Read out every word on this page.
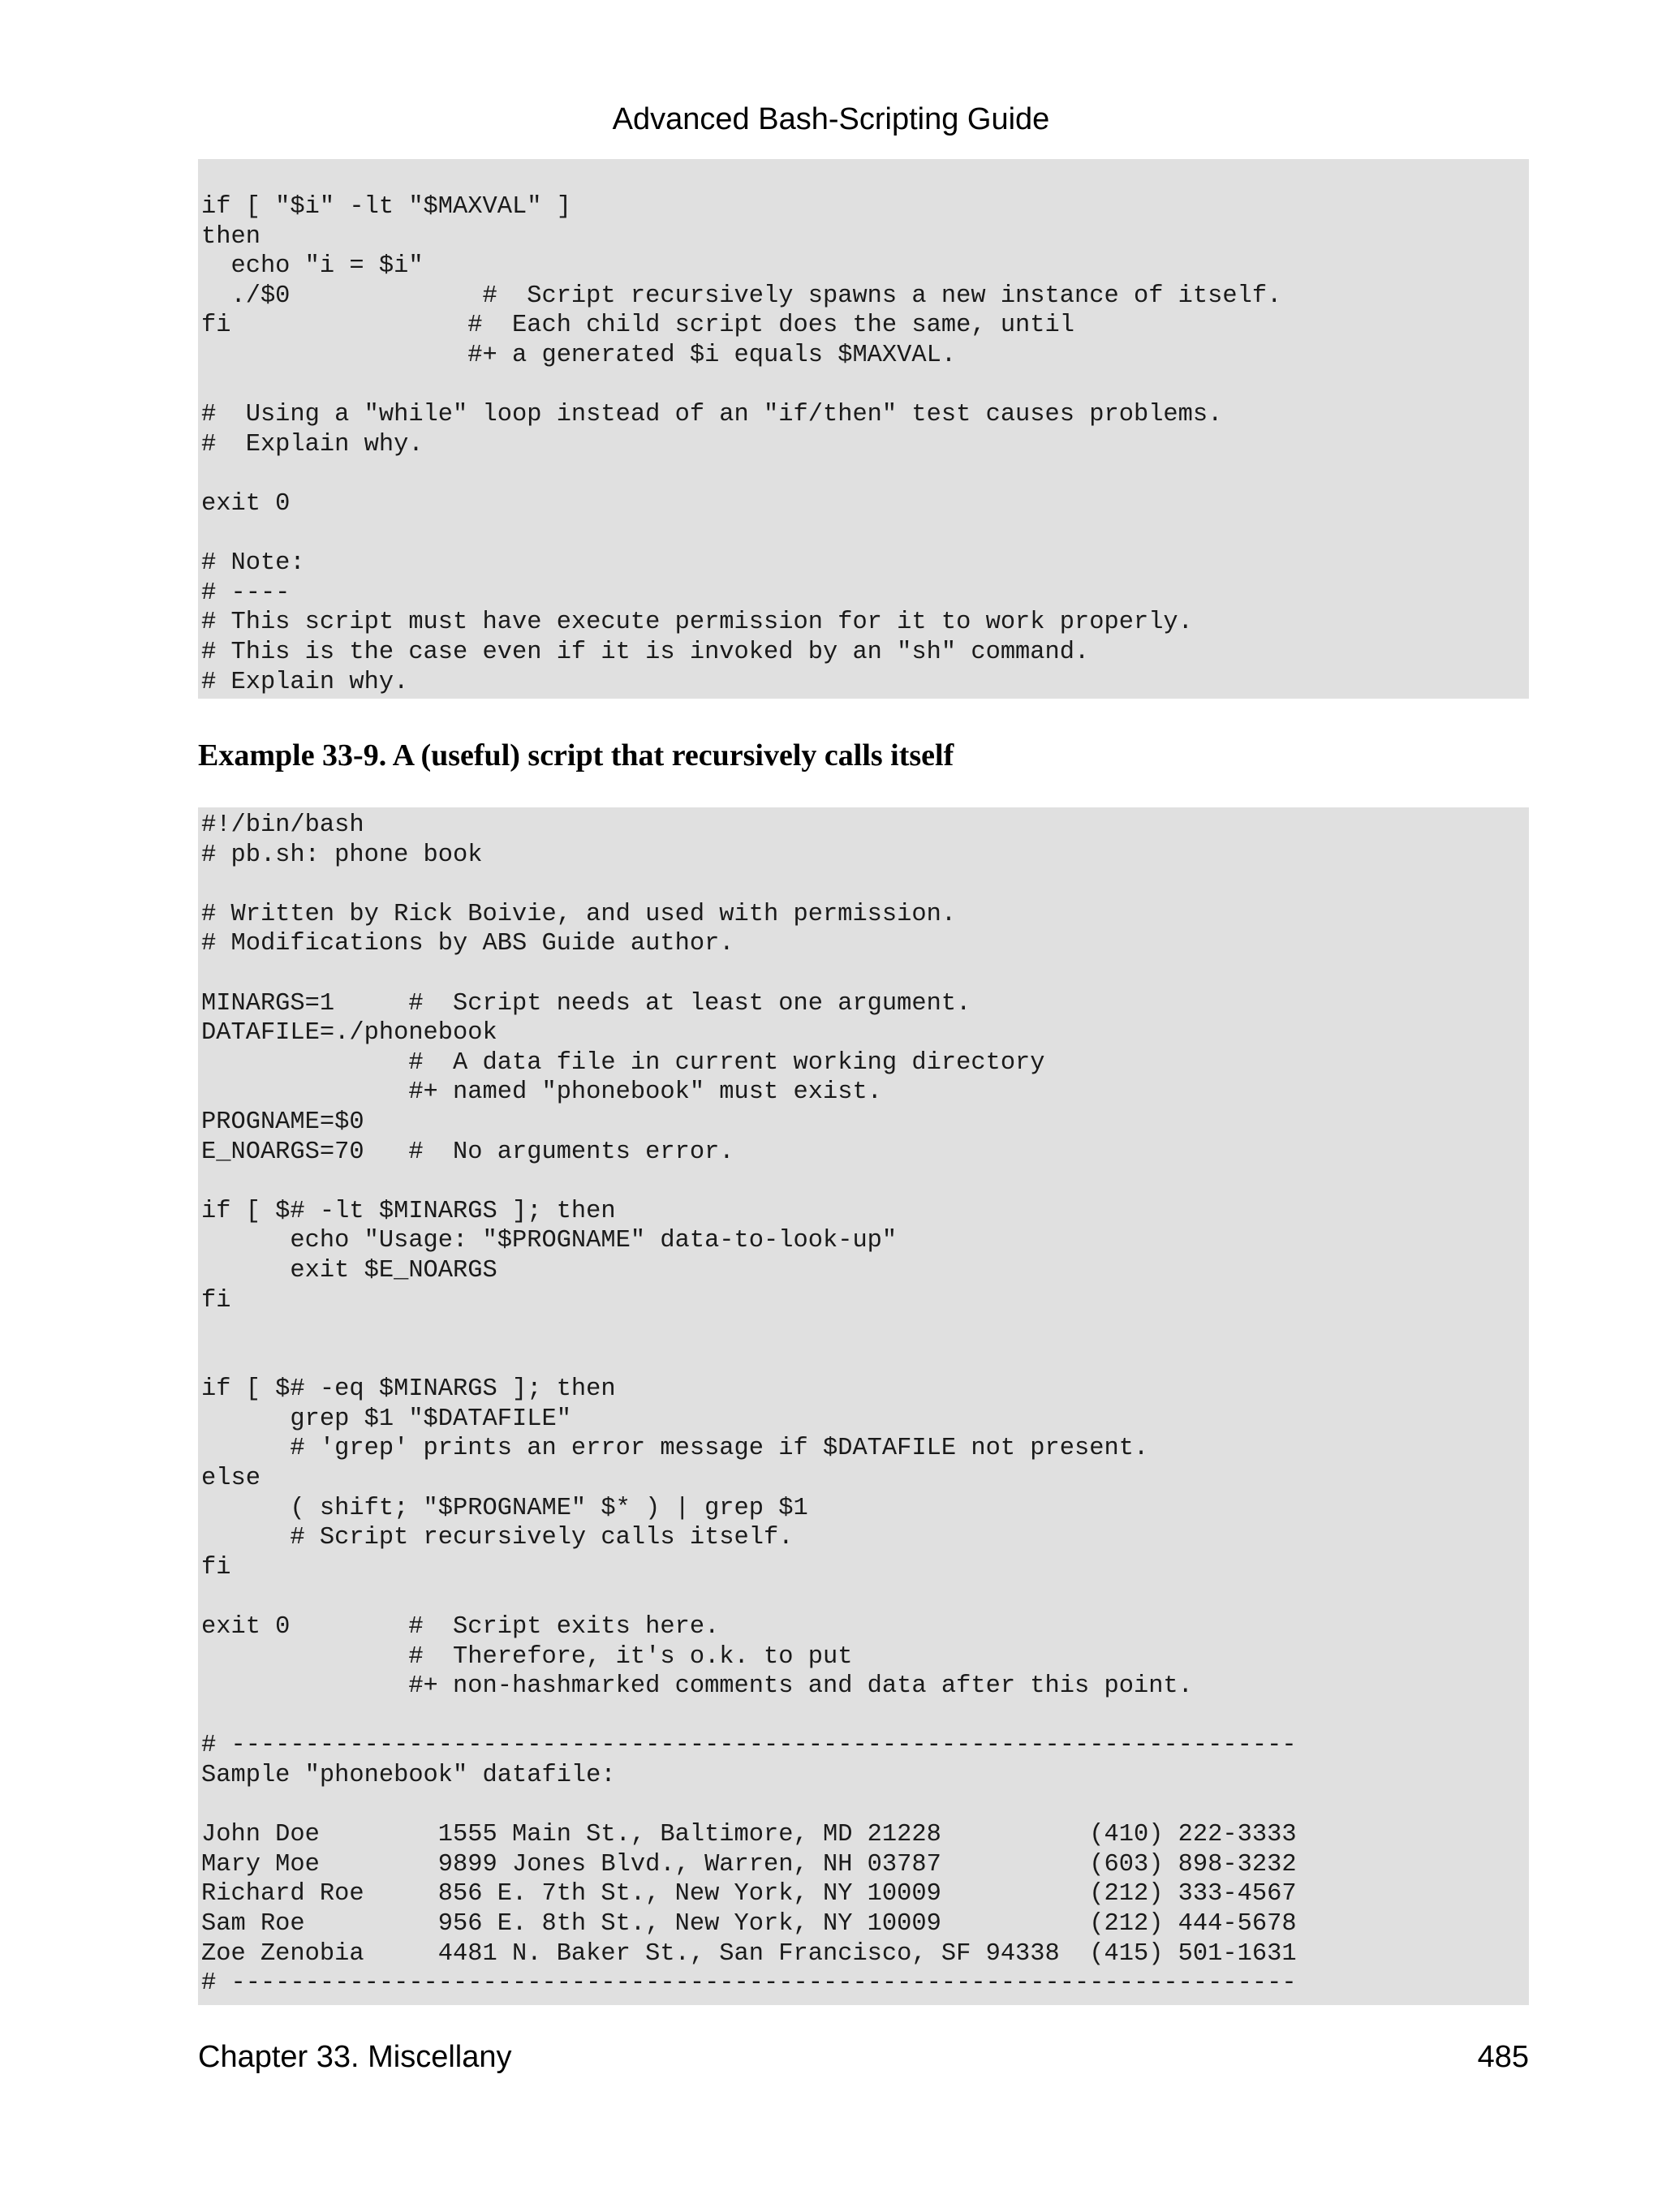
Advanced Bash-Scripting Guide
if [ "$i" -lt "$MAXVAL" ]
then
echo "i = $i"
./$0             #  Script recursively spawns a new instance of itself.
fi                #  Each child script does the same, until
#+ a generated $i equals $MAXVAL.

#  Using a "while" loop instead of an "if/then" test causes problems.
#  Explain why.

exit 0

# Note:
# ----
# This script must have execute permission for it to work properly.
# This is the case even if it is invoked by an "sh" command.
# Explain why.
Example 33-9. A (useful) script that recursively calls itself
#!/bin/bash
# pb.sh: phone book

# Written by Rick Boivie, and used with permission.
# Modifications by ABS Guide author.

MINARGS=1     #  Script needs at least one argument.
DATAFILE=./phonebook
#  A data file in current working directory
#+ named "phonebook" must exist.
PROGNAME=$0
E_NOARGS=70   #  No arguments error.

if [ $# -lt $MINARGS ]; then
echo "Usage: "$PROGNAME" data-to-look-up"
exit $E_NOARGS
fi

if [ $# -eq $MINARGS ]; then
grep $1 "$DATAFILE"
# 'grep' prints an error message if $DATAFILE not present.
else
( shift; "$PROGNAME" $* ) | grep $1
# Script recursively calls itself.
fi

exit 0        #  Script exits here.
#  Therefore, it's o.k. to put
#+ non-hashmarked comments and data after this point.

# ------------------------------------------------------------------------
Sample "phonebook" datafile:

John Doe        1555 Main St., Baltimore, MD 21228          (410) 222-3333
Mary Moe        9899 Jones Blvd., Warren, NH 03787          (603) 898-3232
Richard Roe     856 E. 7th St., New York, NY 10009          (212) 333-4567
Sam Roe         956 E. 8th St., New York, NY 10009          (212) 444-5678
Zoe Zenobia     4481 N. Baker St., San Francisco, SF 94338  (415) 501-1631
# ------------------------------------------------------------------------
Chapter 33. Miscellany	485
